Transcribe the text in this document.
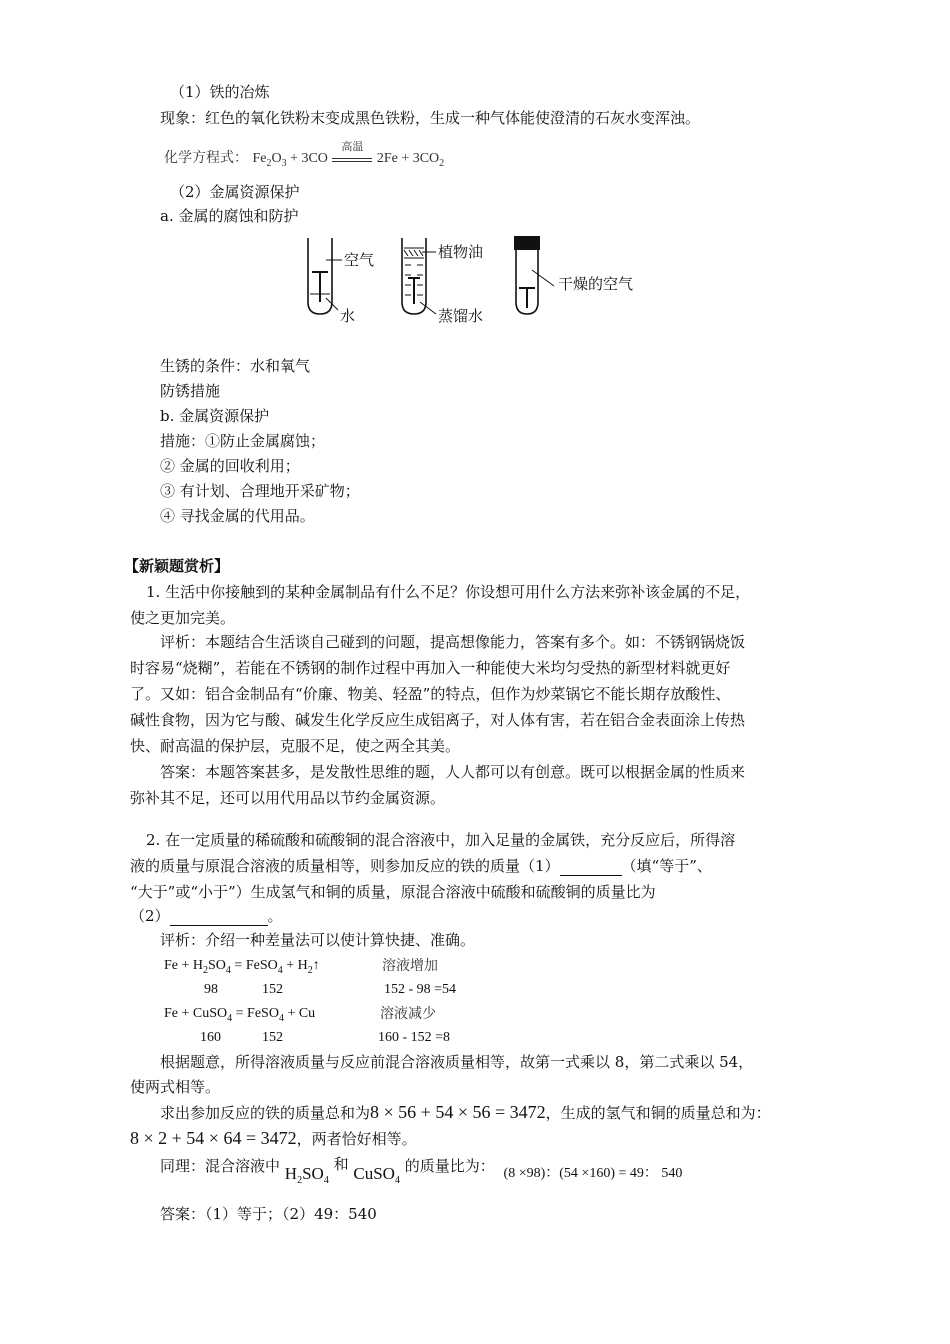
（1）铁的冶炼
现象：红色的氧化铁粉末变成黑色铁粉，生成一种气体能使澄清的石灰水变浑浊。
化学方程式： $Fe_2O_3 + 3CO$
高温
$2Fe + 3CO_2$
（2）金属资源保护
a. 金属的腐蚀和防护
空气
水
植物油
蒸馏水
干燥的空气
生锈的条件：水和氧气
防锈措施
b. 金属资源保护
措施：①防止金属腐蚀；
② 金属的回收利用；
③ 有计划、合理地开采矿物；
④ 寻找金属的代用品。
【新颖题赏析】
1. 生活中你接触到的某种金属制品有什么不足？你设想可用什么方法来弥补该金属的不足，
使之更加完美。
评析：本题结合生活谈自己碰到的问题，提高想像能力，答案有多个。如：不锈钢锅烧饭
时容易“烧糊”，若能在不锈钢的制作过程中再加入一种能使大米均匀受热的新型材料就更好
了。又如：铝合金制品有“价廉、物美、轻盈”的特点，但作为炒菜锅它不能长期存放酸性、
碱性食物，因为它与酸、碱发生化学反应生成铝离子，对人体有害，若在铝合金表面涂上传热
快、耐高温的保护层，克服不足，使之两全其美。
答案：本题答案甚多，是发散性思维的题，人人都可以有创意。既可以根据金属的性质来
弥补其不足，还可以用代用品以节约金属资源。
2. 在一定质量的稀硫酸和硫酸铜的混合溶液中，加入足量的金属铁，充分反应后，所得溶
液的质量与原混合溶液的质量相等，则参加反应的铁的质量（1）	（填“等于”、
“大于”或“小于”）生成氢气和铜的质量，原混合溶液中硫酸和硫酸铜的质量比为
（2）	。
评析：介绍一种差量法可以使计算快捷、准确。
$Fe + H_2SO_4$ = FeSO$_4$ + $H_2↑$	溶液增加
98	152	152 - 98 =54
Fe + CuSO$_4$ = FeSO$_4$ + Cu	溶液减少
160	152	160 - 152 =8
根据题意，所得溶液质量与反应前混合溶液质量相等，故第一式乘以 8，第二式乘以 54，
使两式相等。
求出参加反应的铁的质量总和为8 × 56 + 54 × 56 = 3472，生成的氢气和铜的质量总和为：
8 × 2 + 54 × 64 = 3472，两者恰好相等。
同理：混合溶液中 $H_2SO_4$ 和 CuSO$_4$ 的质量比为： (8 ×98)：(54 ×160) = 49： 540
答案：（1）等于；（2）49：540
